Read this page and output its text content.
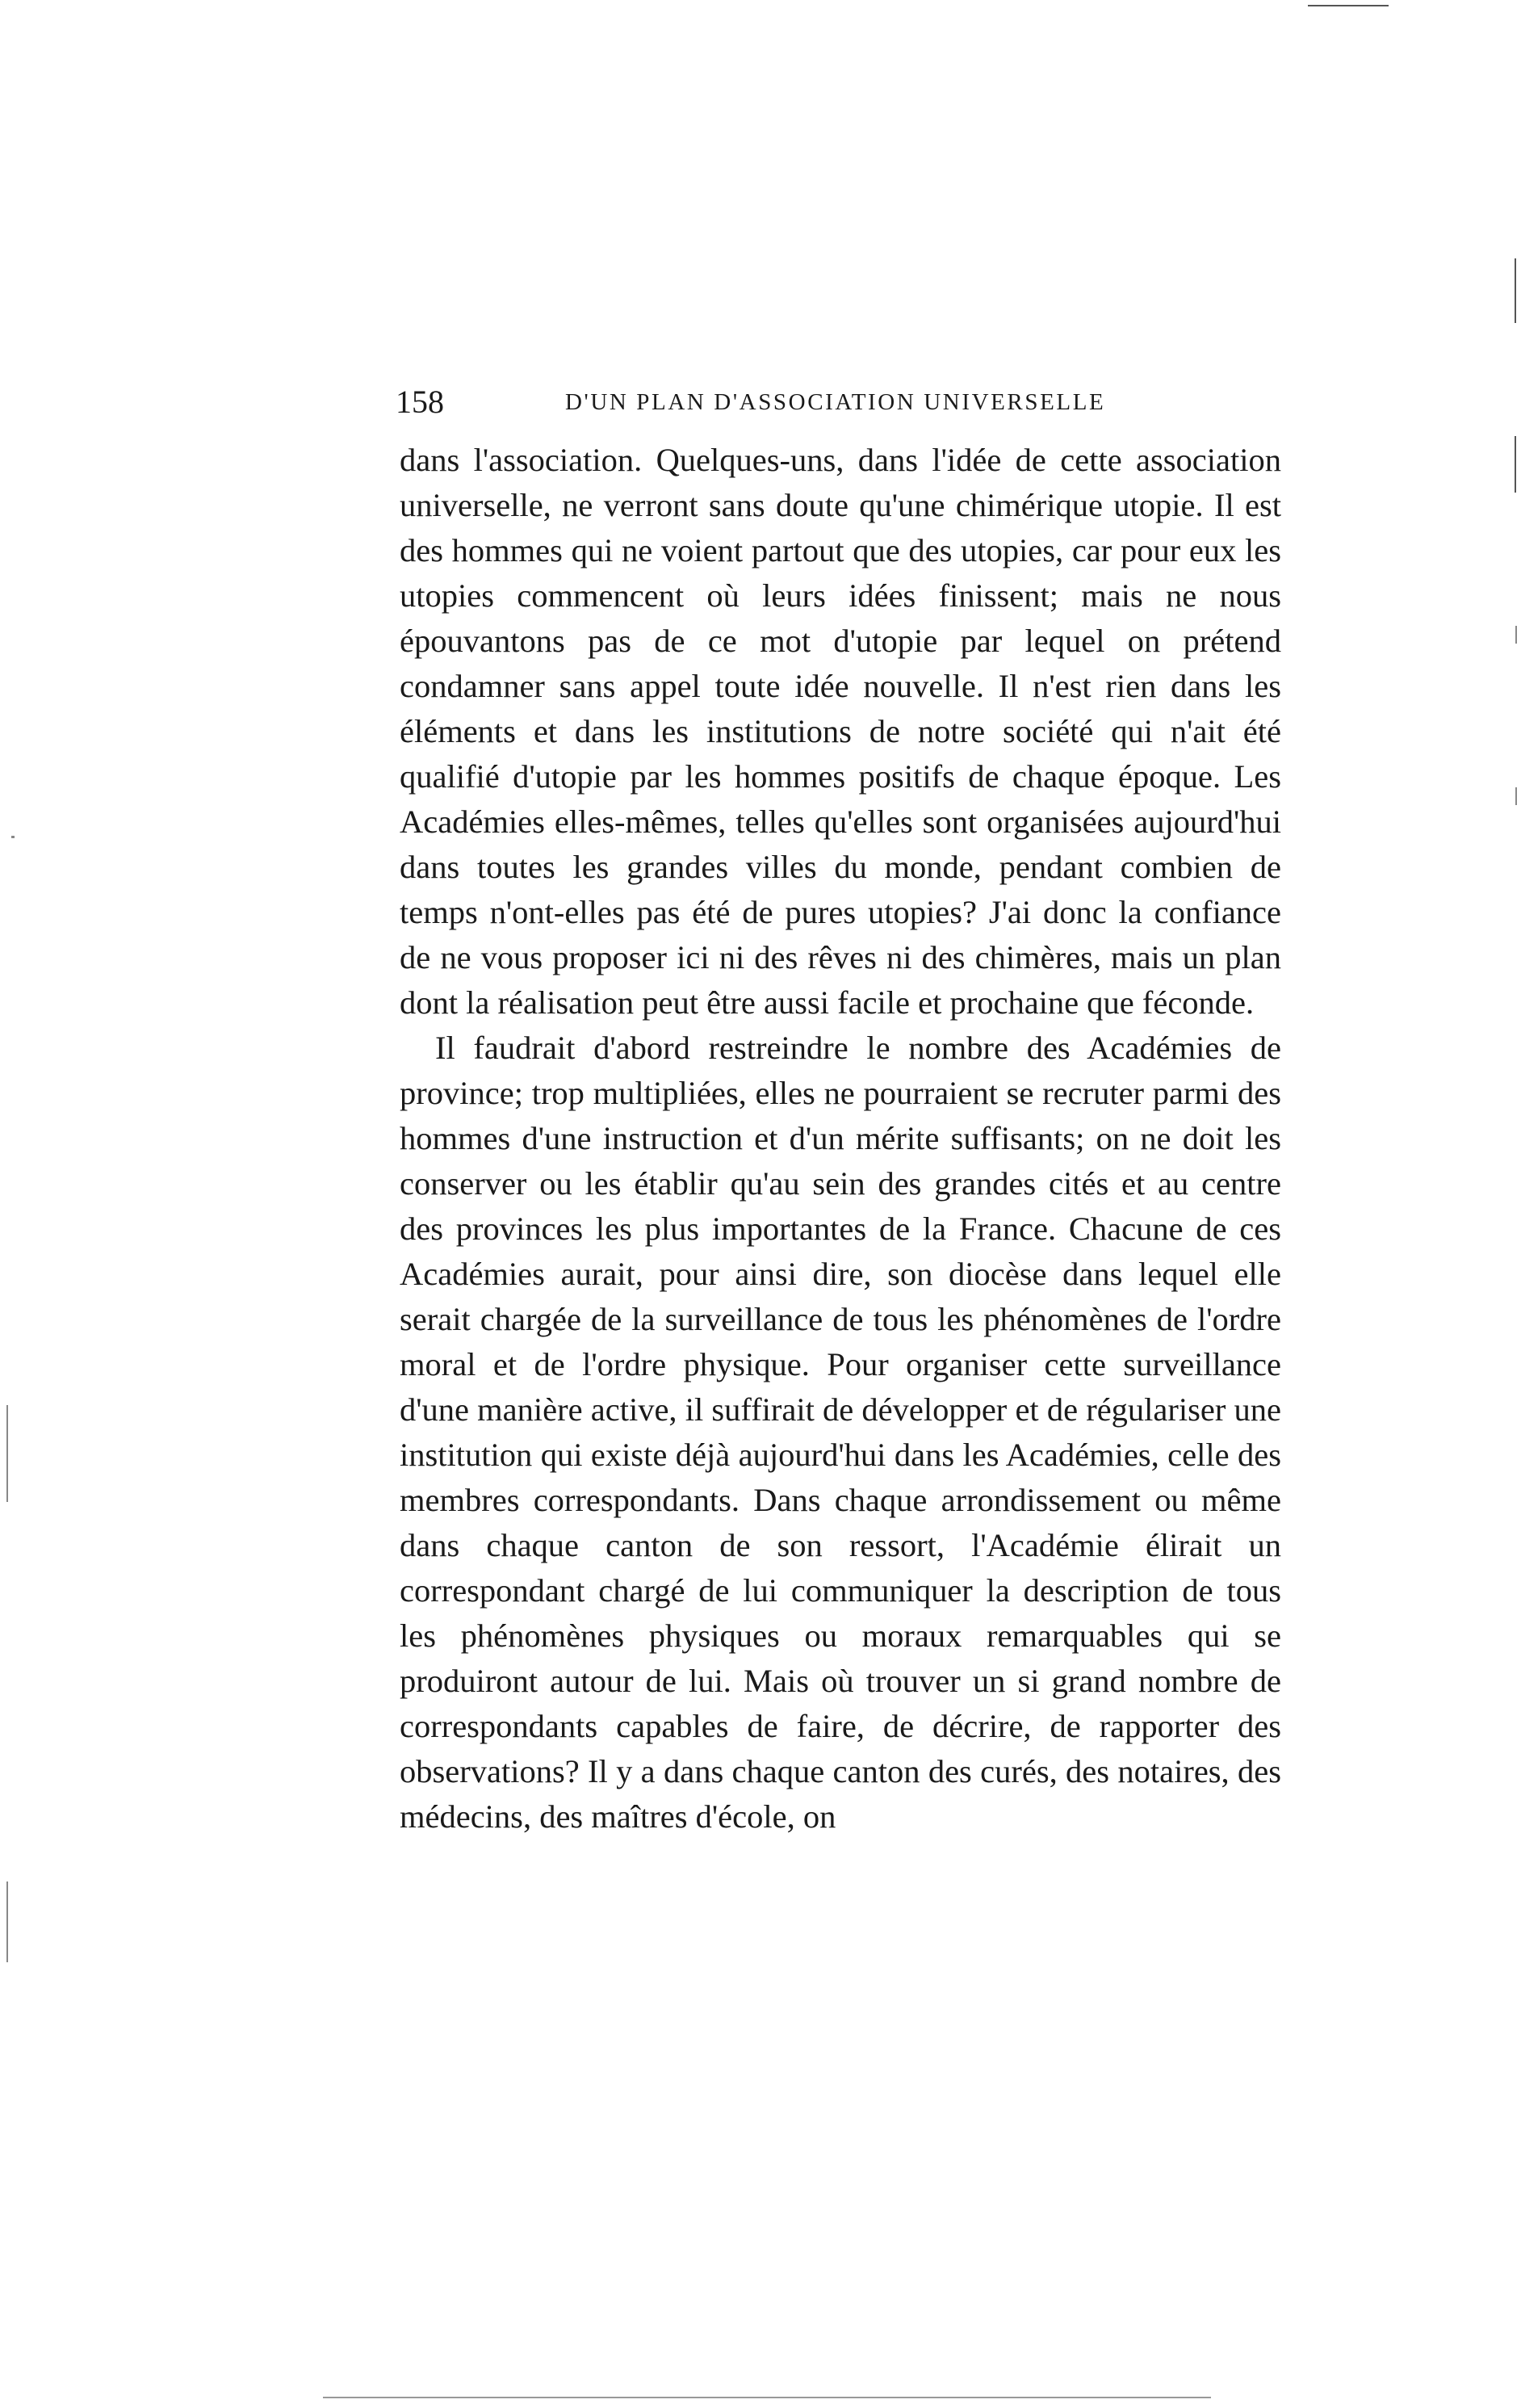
158	D'UN PLAN D'ASSOCIATION UNIVERSELLE

dans l'association. Quelques-uns, dans l'idée de cette association universelle, ne verront sans doute qu'une chimérique utopie. Il est des hommes qui ne voient partout que des utopies, car pour eux les utopies commencent où leurs idées finissent; mais ne nous épouvantons pas de ce mot d'utopie par lequel on prétend condamner sans appel toute idée nouvelle. Il n'est rien dans les éléments et dans les institutions de notre société qui n'ait été qualifié d'utopie par les hommes positifs de chaque époque. Les Académies elles-mêmes, telles qu'elles sont organisées aujourd'hui dans toutes les grandes villes du monde, pendant combien de temps n'ont-elles pas été de pures utopies? J'ai donc la confiance de ne vous proposer ici ni des rêves ni des chimères, mais un plan dont la réalisation peut être aussi facile et prochaine que féconde.

Il faudrait d'abord restreindre le nombre des Académies de province; trop multipliées, elles ne pourraient se recruter parmi des hommes d'une instruction et d'un mérite suffisants; on ne doit les conserver ou les établir qu'au sein des grandes cités et au centre des provinces les plus importantes de la France. Chacune de ces Académies aurait, pour ainsi dire, son diocèse dans lequel elle serait chargée de la surveillance de tous les phénomènes de l'ordre moral et de l'ordre physique. Pour organiser cette surveillance d'une manière active, il suffirait de développer et de régulariser une institution qui existe déjà aujourd'hui dans les Académies, celle des membres correspondants. Dans chaque arrondissement ou même dans chaque canton de son ressort, l'Académie élirait un correspondant chargé de lui communiquer la description de tous les phénomènes physiques ou moraux remarquables qui se produiront autour de lui. Mais où trouver un si grand nombre de correspondants capables de faire, de décrire, de rapporter des observations? Il y a dans chaque canton des curés, des notaires, des médecins, des maîtres d'école, on
